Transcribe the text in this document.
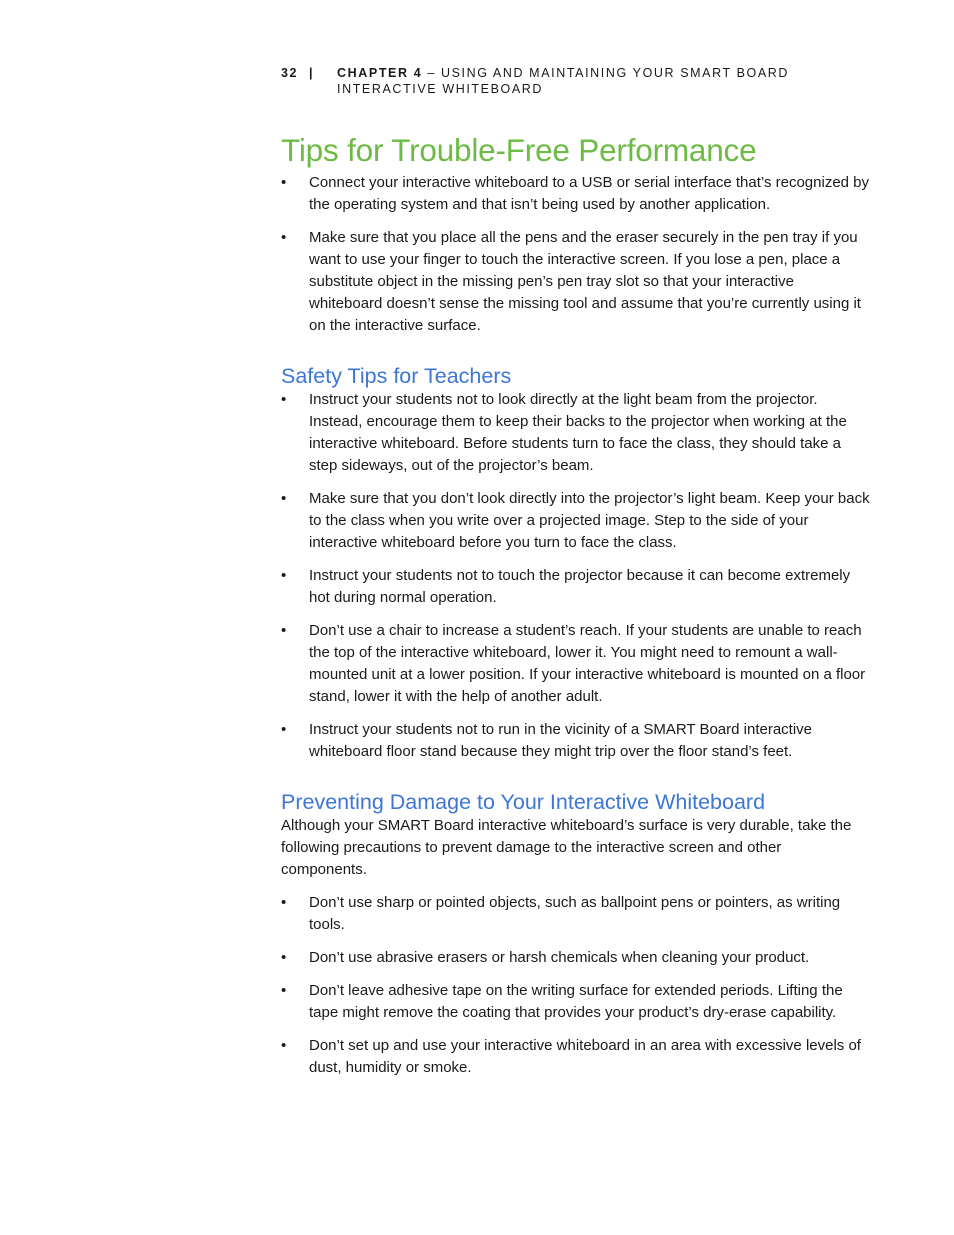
32 | CHAPTER 4 – USING AND MAINTAINING YOUR SMART BOARD INTERACTIVE WHITEBOARD
Tips for Trouble-Free Performance
• Connect your interactive whiteboard to a USB or serial interface that’s recognized by the operating system and that isn’t being used by another application.
• Make sure that you place all the pens and the eraser securely in the pen tray if you want to use your finger to touch the interactive screen. If you lose a pen, place a substitute object in the missing pen’s pen tray slot so that your interactive whiteboard doesn’t sense the missing tool and assume that you’re currently using it on the interactive surface.
Safety Tips for Teachers
• Instruct your students not to look directly at the light beam from the projector. Instead, encourage them to keep their backs to the projector when working at the interactive whiteboard. Before students turn to face the class, they should take a step sideways, out of the projector’s beam.
• Make sure that you don’t look directly into the projector’s light beam. Keep your back to the class when you write over a projected image. Step to the side of your interactive whiteboard before you turn to face the class.
• Instruct your students not to touch the projector because it can become extremely hot during normal operation.
• Don’t use a chair to increase a student’s reach. If your students are unable to reach the top of the interactive whiteboard, lower it. You might need to remount a wall-mounted unit at a lower position. If your interactive whiteboard is mounted on a floor stand, lower it with the help of another adult.
• Instruct your students not to run in the vicinity of a SMART Board interactive whiteboard floor stand because they might trip over the floor stand’s feet.
Preventing Damage to Your Interactive Whiteboard

Although your SMART Board interactive whiteboard’s surface is very durable, take the following precautions to prevent damage to the interactive screen and other components.

• Don’t use sharp or pointed objects, such as ballpoint pens or pointers, as writing tools.
• Don’t use abrasive erasers or harsh chemicals when cleaning your product.
• Don’t leave adhesive tape on the writing surface for extended periods. Lifting the tape might remove the coating that provides your product’s dry-erase capability.
• Don’t set up and use your interactive whiteboard in an area with excessive levels of dust, humidity or smoke.
